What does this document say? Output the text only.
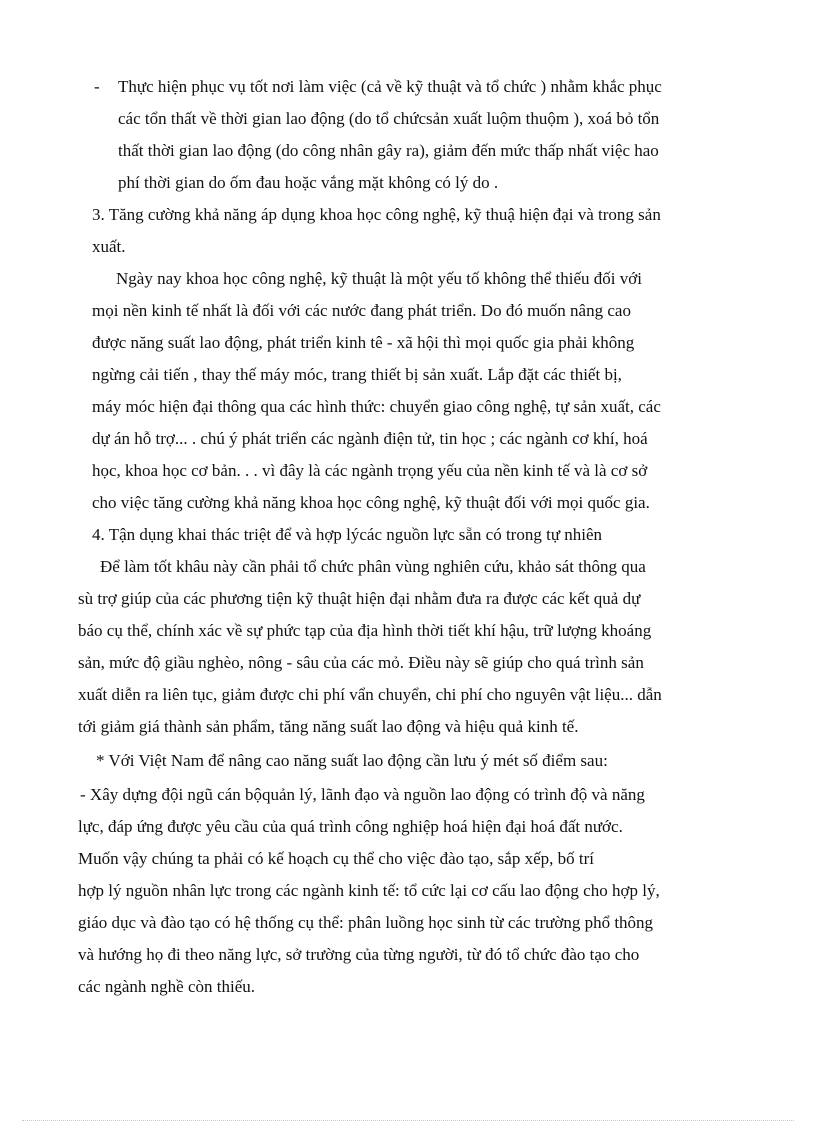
- Thực hiện phục vụ tốt nơi làm việc (cả về kỹ thuật và tổ chức ) nhằm khắc phục
các tổn thất về thời gian lao động (do tổ chứcsản xuất luộm thuộm ), xoá bỏ tổn
thất thời gian lao động (do công nhân gây ra), giảm đến mức thấp nhất việc hao
phí thời gian do ốm đau hoặc vắng mặt không có lý do .
3. Tăng cường khả năng áp dụng khoa học công nghệ, kỹ thuậ hiện đại và trong sản
xuất.
Ngày nay khoa học công nghệ, kỹ thuật là một yếu tố không thể thiếu đối với
mọi nền kinh tế nhất là đối với các nước đang phát triển. Do đó muốn nâng cao
được năng suất lao động, phát triển kinh tê - xã hội thì mọi quốc gia phải không
ngừng cải tiến , thay thế máy móc, trang thiết bị sản xuất. Lắp đặt các thiết bị,
máy móc hiện đại thông qua các hình thức: chuyển giao công nghệ, tự sản xuất, các
dự án hỗ trợ... . chú ý phát triển các ngành điện tử, tin học ; các ngành cơ khí, hoá
học, khoa học cơ bản. . . vì đây là các ngành trọng yếu của nền kinh tế và là cơ sở
cho việc tăng cường khả năng khoa học công nghệ, kỹ thuật đối với mọi quốc gia.
4. Tận dụng khai thác triệt để và hợp lýcác nguồn lực sẵn có trong tự nhiên
Để làm tốt khâu này cần phải tổ chức phân vùng nghiên cứu, khảo sát thông qua
sù trợ giúp của các phương tiện kỹ thuật hiện đại nhằm đưa ra được các kết quả dự
báo cụ thể, chính xác về sự phức tạp của địa hình thời tiết khí hậu, trữ lượng khoáng
sản, mức độ giầu nghèo, nông - sâu của các mỏ. Điều này sẽ giúp cho quá trình sản
xuất diễn ra liên tục, giảm được chi phí vẩn chuyển, chi phí cho nguyên vật liệu... dẫn
tới giảm giá thành sản phẩm, tăng năng suất lao động và hiệu quả kinh tế.
* Với Việt Nam để nâng cao năng suất lao động cần lưu ý mét số điểm sau:
- Xây dựng đội ngũ cán bộquản lý, lãnh đạo và nguồn lao động có trình độ và năng
lực, đáp ứng được yêu cầu của quá trình công nghiệp hoá hiện đại hoá đất nước.
Muốn vậy chúng ta phải có kế hoạch cụ thể cho việc đào tạo, sắp xếp, bố trí
hợp lý nguồn nhân lực trong các ngành kinh tế: tổ cức lại cơ cấu lao động cho hợp lý,
giáo dục và đào tạo có hệ thống cụ thể: phân luồng học sinh từ các trường phổ thông
và hướng họ đi theo năng lực, sở trường của từng người, từ đó tổ chức đào tạo cho
các ngành nghề còn thiếu.
